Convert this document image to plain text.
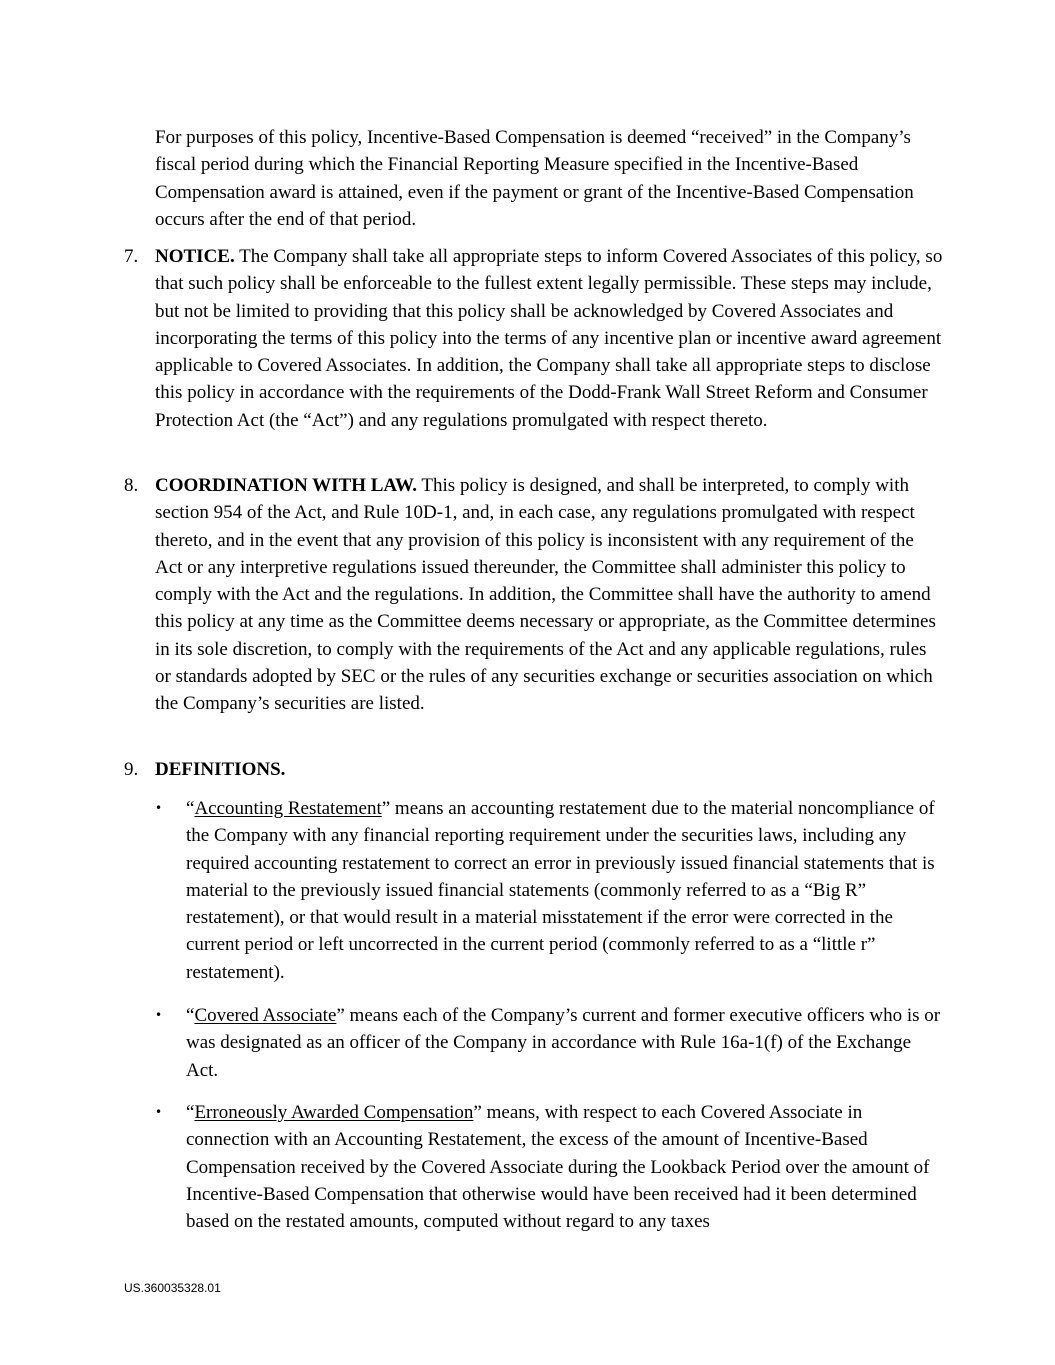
For purposes of this policy, Incentive-Based Compensation is deemed “received” in the Company’s fiscal period during which the Financial Reporting Measure specified in the Incentive-Based Compensation award is attained, even if the payment or grant of the Incentive-Based Compensation occurs after the end of that period.

7. NOTICE. The Company shall take all appropriate steps to inform Covered Associates of this policy, so that such policy shall be enforceable to the fullest extent legally permissible. These steps may include, but not be limited to providing that this policy shall be acknowledged by Covered Associates and incorporating the terms of this policy into the terms of any incentive plan or incentive award agreement applicable to Covered Associates. In addition, the Company shall take all appropriate steps to disclose this policy in accordance with the requirements of the Dodd-Frank Wall Street Reform and Consumer Protection Act (the “Act”) and any regulations promulgated with respect thereto.
8. COORDINATION WITH LAW. This policy is designed, and shall be interpreted, to comply with section 954 of the Act, and Rule 10D-1, and, in each case, any regulations promulgated with respect thereto, and in the event that any provision of this policy is inconsistent with any requirement of the Act or any interpretive regulations issued thereunder, the Committee shall administer this policy to comply with the Act and the regulations. In addition, the Committee shall have the authority to amend this policy at any time as the Committee deems necessary or appropriate, as the Committee determines in its sole discretion, to comply with the requirements of the Act and any applicable regulations, rules or standards adopted by SEC or the rules of any securities exchange or securities association on which the Company’s securities are listed.
9. DEFINITIONS.
•	“Accounting Restatement” means an accounting restatement due to the material noncompliance of the Company with any financial reporting requirement under the securities laws, including any required accounting restatement to correct an error in previously issued financial statements that is material to the previously issued financial statements (commonly referred to as a “Big R” restatement), or that would result in a material misstatement if the error were corrected in the current period or left uncorrected in the current period (commonly referred to as a “little r” restatement).
•	“Covered Associate” means each of the Company’s current and former executive officers who is or was designated as an officer of the Company in accordance with Rule 16a-1(f) of the Exchange Act.
•	“Erroneously Awarded Compensation” means, with respect to each Covered Associate in connection with an Accounting Restatement, the excess of the amount of Incentive-Based Compensation received by the Covered Associate during the Lookback Period over the amount of Incentive-Based Compensation that otherwise would have been received had it been determined based on the restated amounts, computed without regard to any taxes
US.360035328.01
